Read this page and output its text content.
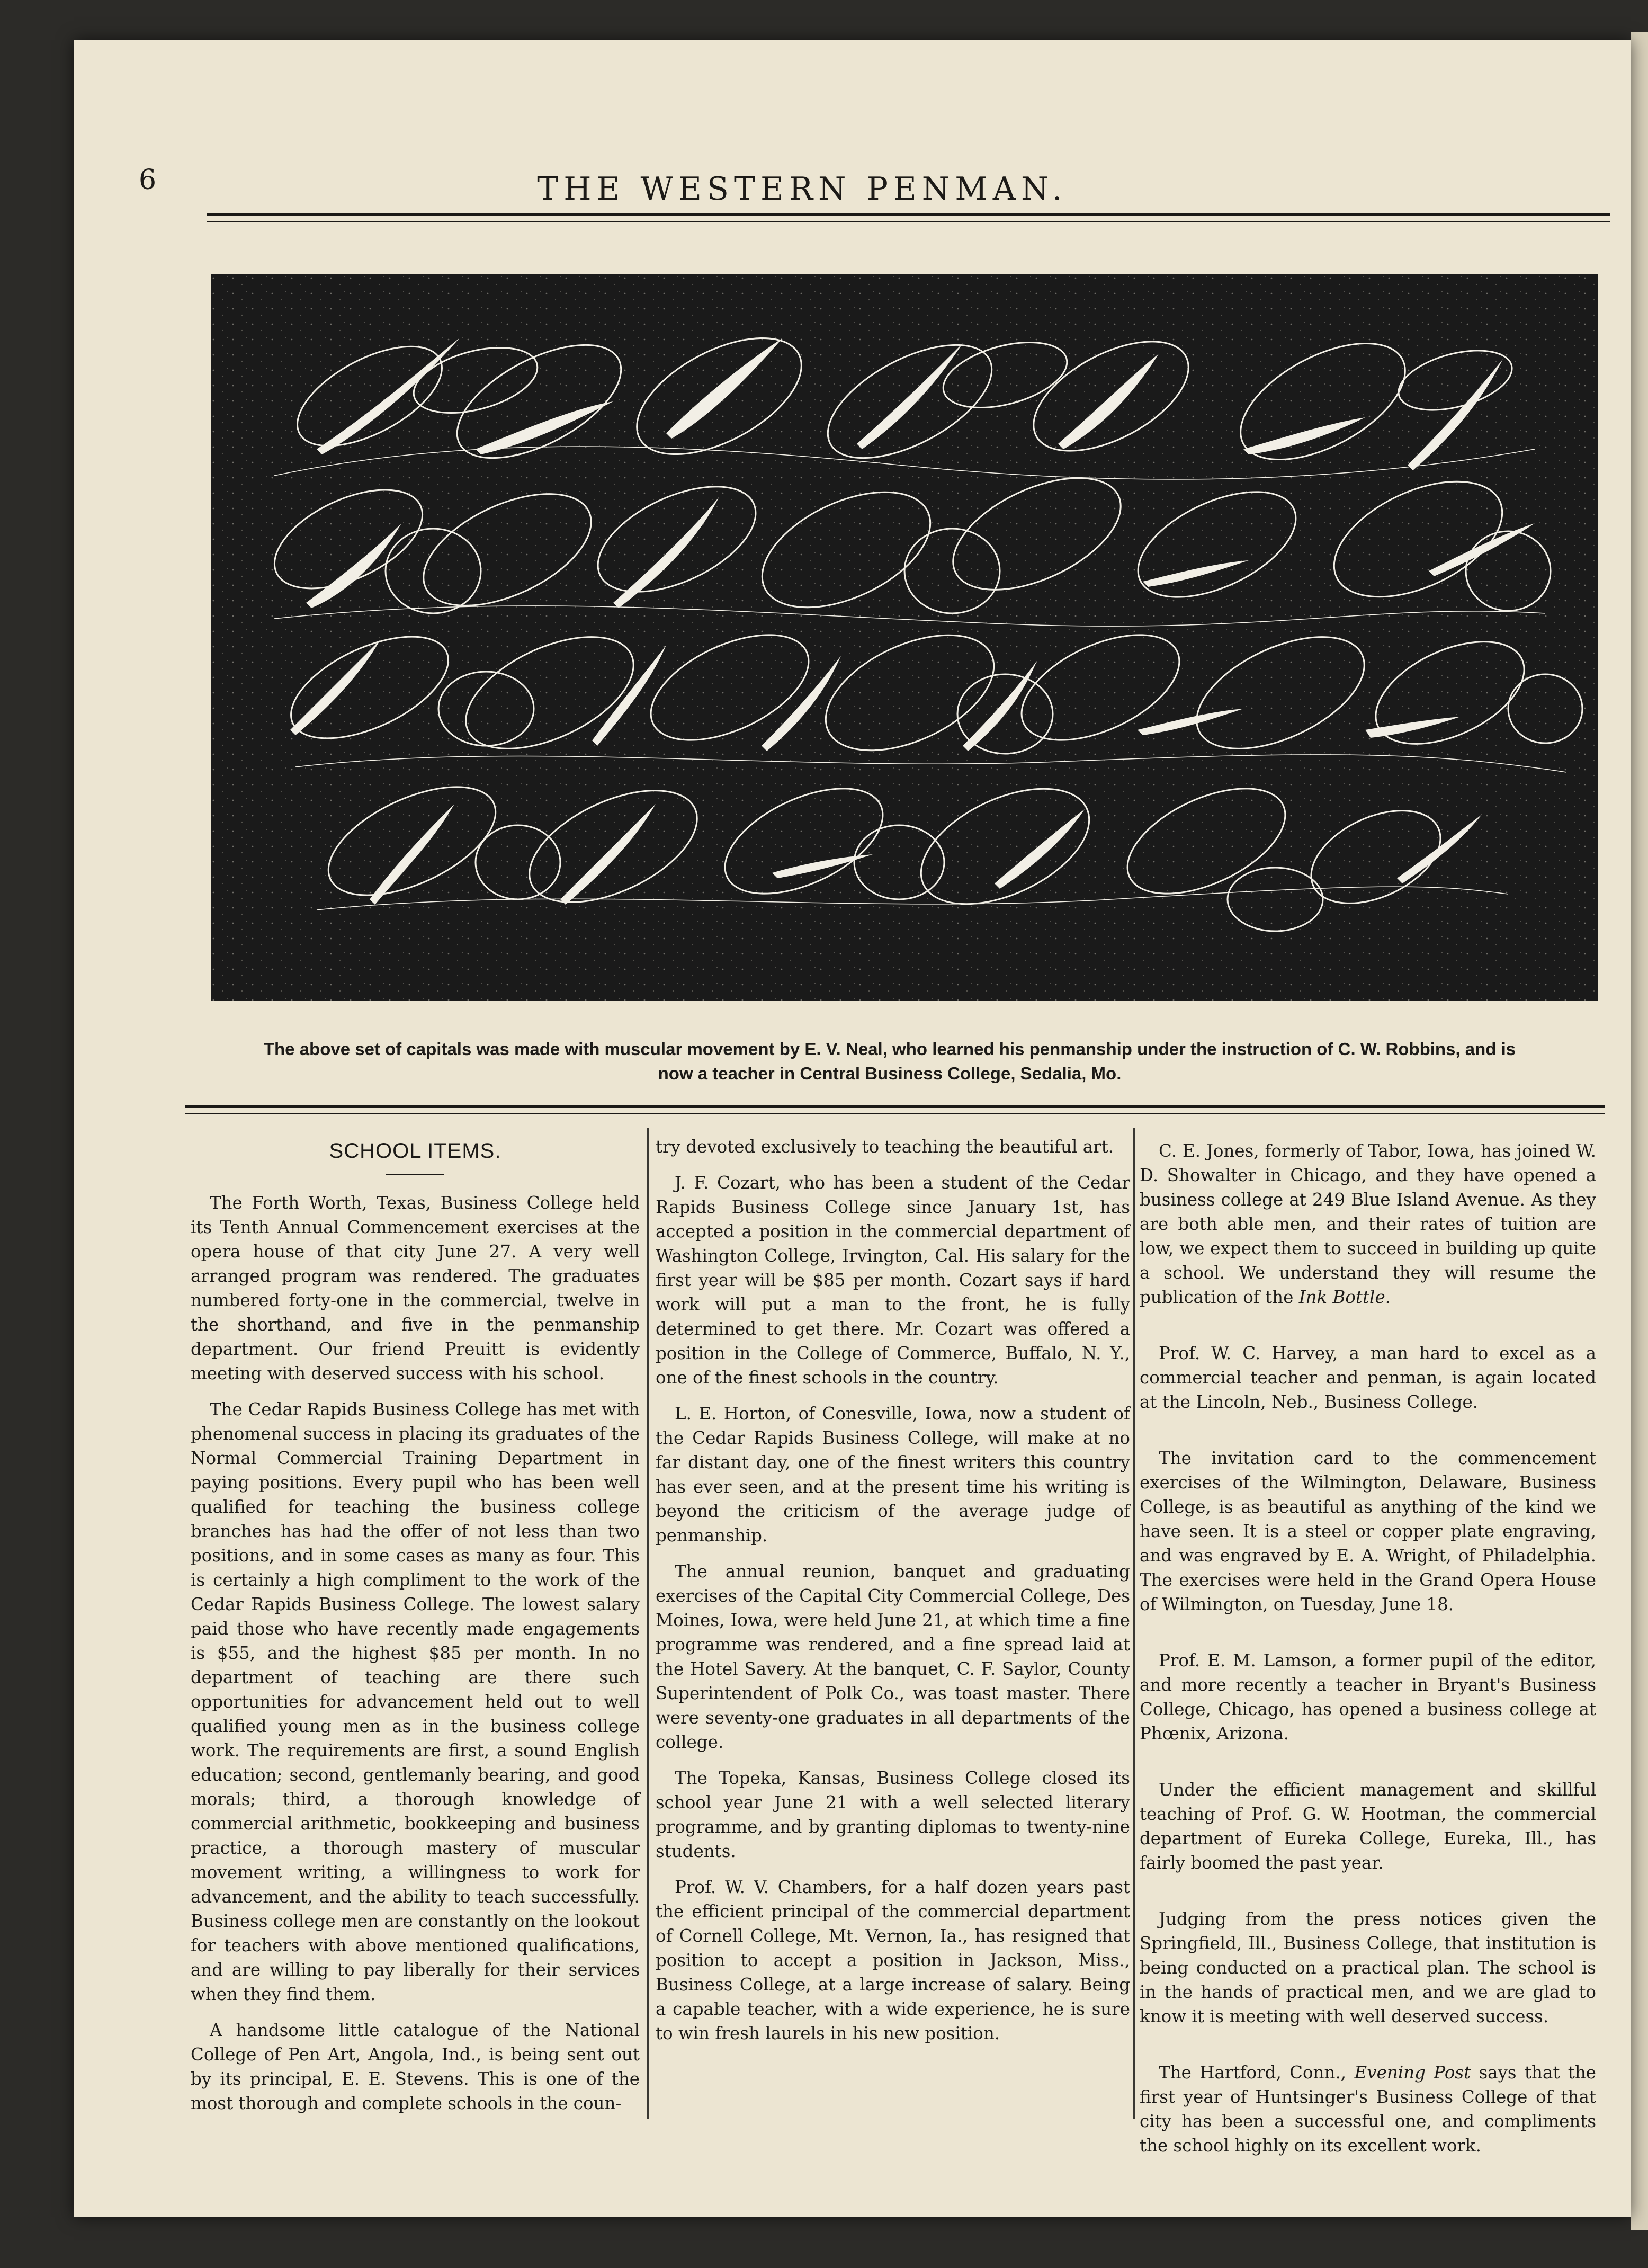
6	THE WESTERN PENMAN.
The above set of capitals was made with muscular movement by E. V. Neal, who learned his penmanship under the instruction of C. W. Robbins, and is
now a teacher in Central Business College, Sedalia, Mo.
SCHOOL ITEMS.

The Forth Worth, Texas, Business College held its Tenth Annual Commencement exercises at the opera house of that city June 27. A very well arranged program was rendered. The graduates numbered forty-one in the commercial, twelve in the shorthand, and five in the penmanship department. Our friend Preuitt is evidently meeting with deserved success with his school.

The Cedar Rapids Business College has met with phenomenal success in placing its graduates of the Normal Commercial Training Department in paying positions. Every pupil who has been well qualified for teaching the business college branches has had the offer of not less than two positions, and in some cases as many as four. This is certainly a high compliment to the work of the Cedar Rapids Business College. The lowest salary paid those who have recently made engagements is $55, and the highest $85 per month. In no department of teaching are there such opportunities for advancement held out to well qualified young men as in the business college work. The requirements are first, a sound English education; second, gentlemanly bearing, and good morals; third, a thorough knowledge of commercial arithmetic, bookkeeping and business practice, a thorough mastery of muscular movement writing, a willingness to work for advancement, and the ability to teach successfully. Business college men are constantly on the lookout for teachers with above mentioned qualifications, and are willing to pay liberally for their services when they find them.

A handsome little catalogue of the National College of Pen Art, Angola, Ind., is being sent out by its principal, E. E. Stevens. This is one of the most thorough and complete schools in the coun-

try devoted exclusively to teaching the beautiful art.

J. F. Cozart, who has been a student of the Cedar Rapids Business College since January 1st, has accepted a position in the commercial department of Washington College, Irvington, Cal. His salary for the first year will be $85 per month. Cozart says if hard work will put a man to the front, he is fully determined to get there. Mr. Cozart was offered a position in the College of Commerce, Buffalo, N. Y., one of the finest schools in the country.

L. E. Horton, of Conesville, Iowa, now a student of the Cedar Rapids Business College, will make at no far distant day, one of the finest writers this country has ever seen, and at the present time his writing is beyond the criticism of the average judge of penmanship.

The annual reunion, banquet and graduating exercises of the Capital City Commercial College, Des Moines, Iowa, were held June 21, at which time a fine programme was rendered, and a fine spread laid at the Hotel Savery. At the banquet, C. F. Saylor, County Superintendent of Polk Co., was toast master. There were seventy-one graduates in all departments of the college.

The Topeka, Kansas, Business College closed its school year June 21 with a well selected literary programme, and by granting diplomas to twenty-nine students.

Prof. W. V. Chambers, for a half dozen years past the efficient principal of the commercial department of Cornell College, Mt. Vernon, Ia., has resigned that position to accept a position in Jackson, Miss., Business College, at a large increase of salary. Being a capable teacher, with a wide experience, he is sure to win fresh laurels in his new position.

C. E. Jones, formerly of Tabor, Iowa, has joined W. D. Showalter in Chicago, and they have opened a business college at 249 Blue Island Avenue. As they are both able men, and their rates of tuition are low, we expect them to succeed in building up quite a school. We understand they will resume the publication of the Ink Bottle.

Prof. W. C. Harvey, a man hard to excel as a commercial teacher and penman, is again located at the Lincoln, Neb., Business College.

The invitation card to the commencement exercises of the Wilmington, Delaware, Business College, is as beautiful as anything of the kind we have seen. It is a steel or copper plate engraving, and was engraved by E. A. Wright, of Philadelphia. The exercises were held in the Grand Opera House of Wilmington, on Tuesday, June 18.

Prof. E. M. Lamson, a former pupil of the editor, and more recently a teacher in Bryant's Business College, Chicago, has opened a business college at Phœnix, Arizona.

Under the efficient management and skillful teaching of Prof. G. W. Hootman, the commercial department of Eureka College, Eureka, Ill., has fairly boomed the past year.

Judging from the press notices given the Springfield, Ill., Business College, that institution is being conducted on a practical plan. The school is in the hands of practical men, and we are glad to know it is meeting with well deserved success.

The Hartford, Conn., Evening Post says that the first year of Huntsinger's Business College of that city has been a successful one, and compliments the school highly on its excellent work.
